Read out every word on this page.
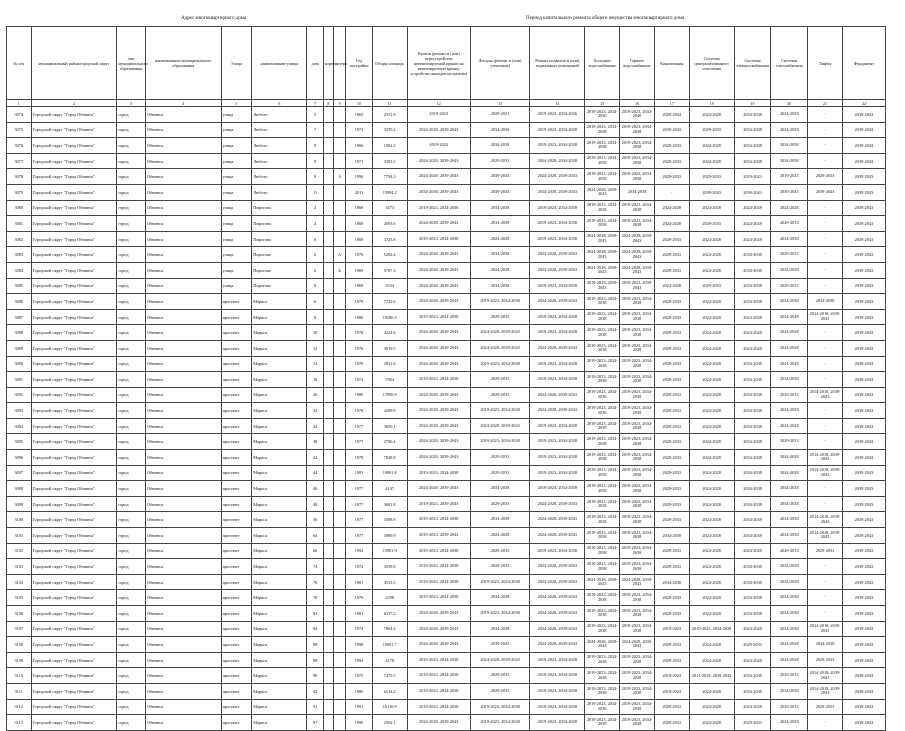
Адрес многоквартирного дома	Период капитального ремонта общего имущества многоквартирного дома
№ п/п	муниципальный район/городской округ	тип муниципального образования	наименование муниципального образования	Улица	наименование улицы	дом	корпус	литера	Год постройки	Общая площадь	Кровля (ремонт и (или) переустройство невентилируемой крыши на вентилируемую крышу, устройство выходов на кровлю)	Фасады (ремонт и (или) утепление)	Ремонт подвалов и (или) подвальных помещений	Холодное водоснабжение	Горячее водоснабжение	Канализация	Системы централизованного отопления	Системы электроснабжения	Системы газоснабжения	Лифты	Фундамент
1	2	3	4	5	6	7	8	9	10	11	12	13	14	15	16	17	18	19	20	21	22
3074	Городской округ "Город Обнинск"	город	Обнинск	улица	Любого	5			1965	2551.8	2019-2023	2029-2031	2019-2023, 2034-2036	2019-2023, 2034-2036	2019-2023, 2044-2046	2029-2034	2024-2028	2034-2038	2034-2038	-	2039-2043
3075	Городской округ "Город Обнинск"	город	Обнинск	улица	Любого	7			1972	3370.2	2024-2028, 2039-2043	2034-2038	2019-2023, 2034-2038	2019-2023, 2034-2038	2019-2023, 2034-2038	2039-2043	2029-2033	2034-2038	2034-2038	-	2039-2043
3076	Городской округ "Город Обнинск"	город	Обнинск	улица	Любого	9			1966	1982.2	2019-2023	2034-2038	2019-2023, 2034-2038	2019-2023, 2034-2038	2019-2023, 2034-2038	2029-2033	2024-2028	2034-2038	2034-2038	-	2039-2043
3077	Городской округ "Город Обнинск"	город	Обнинск	улица	Любого	9			1971	3393.5	2024-2028, 2039-2043	2029-2033	2024-2028, 2034-2038	2019-2023, 2034-2038	2019-2023, 2034-2038	2029-2033	2024-2028	2034-2038	2034-2038	-	2039-2043
3078	Городской округ "Город Обнинск"	город	Обнинск	улица	Любого	9		А	1996	7794.3	2024-2028, 2039-2043	2039-2043	2024-2028, 2039-2043	2019-2023, 2034-2038	2019-2023, 2034-2038	2029-2033	2029-2033	2019-2023	2019-2023	2029-2033	2039-2043
3079	Городской округ "Город Обнинск"	город	Обнинск	улица	Любого	11			2011	15994.2	2034-2038, 2039-2043	2039-2043	2034-2038, 2039-2043	2024-2028, 2039-2043	2034-2038	-	2039-2043	2039-2043	2039-2043	2039-2043	2039-2043
3080	Городской округ "Город Обнинск"	город	Обнинск	улица	Пирогова	2			1968	3473	2019-2023, 2034-2038	2034-2038	2019-2023, 2034-2038	2019-2023, 2034-2038	2019-2023, 2034-2038	2024-2028	2024-2028	2024-2028	2024-2028	-	2039-2043
3081	Городской округ "Город Обнинск"	город	Обнинск	улица	Пирогова	4			1968	2693.6	2024-2028, 2039-2043	2034-2038	2019-2023, 2034-2038	2019-2023, 2034-2038	2019-2023, 2034-2038	2024-2028	2029-2033	2024-2028	2029-2033	-	2039-2043
3082	Городской округ "Город Обнинск"	город	Обнинск	улица	Пирогова	6			1968	3723.8	2019-2023, 2034-2038	2024-2028	2019-2023, 2034-2038	2024-2028, 2039-2043	2024-2028, 2039-2043	2029-2033	2024-2028	2024-2028	2034-2038	-	2039-2043
3083	Городской округ "Город Обнинск"	город	Обнинск	улица	Пирогова	6		А	1970	5282.2	2024-2028, 2039-2043	2034-2038	2024-2028, 2039-2043	2024-2028, 2039-2043	2024-2028, 2039-2043	2029-2033	2024-2028	2034-2038	2029-2033	-	2039-2043
3084	Городской округ "Город Обнинск"	город	Обнинск	улица	Пирогова	6		Б	1969	5787.3	2024-2028, 2039-2043	2024-2028	2024-2028, 2039-2043	2024-2028, 2039-2043	2024-2028, 2039-2043	2029-2033	2024-2028	2034-2038	2034-2038	-	2039-2043
3085	Городской округ "Город Обнинск"	город	Обнинск	улица	Пирогова	8			1969	3534	2024-2028, 2039-2043	2034-2038	2019-2023, 2034-2038	2019-2023, 2039-2043	2019-2023, 2039-2043	2024-2028	2029-2033	2034-2038	2029-2033	-	2039-2043
3086	Городской округ "Город Обнинск"	город	Обнинск	проспект	Маркса	6			1979	7722.6	2024-2028, 2039-2043	2019-2023, 2034-2038	2024-2028, 2039-2043	2019-2023, 2034-2038	2019-2023, 2034-2038	2029-2033	2024-2028	2034-2038	2034-2038	2034-2038	2039-2043
3087	Городской округ "Город Обнинск"	город	Обнинск	проспект	Маркса	8			1986	10586.5	2019-2023, 2034-2038	2029-2033	2019-2023, 2034-2038	2019-2023, 2034-2038	2019-2023, 2034-2038	2029-2033	2024-2028	2024-2028	2024-2028	2014-2018, 2039-2043	2039-2043
3088	Городской округ "Город Обнинск"	город	Обнинск	проспект	Маркса	10			1978	4224.6	2024-2028, 2039-2043	2024-2028, 2039-2043	2019-2023, 2034-2038	2019-2023, 2034-2038	2019-2023, 2034-2038	2029-2033	2024-2028	2024-2028	2034-2038	-	2039-2043
3089	Городской округ "Город Обнинск"	город	Обнинск	проспект	Маркса	12			1976	3619.5	2024-2028, 2039-2043	2024-2028, 2039-2043	2024-2028, 2039-2043	2019-2023, 2034-2038	2019-2023, 2034-2038	2029-2033	2024-2028	2024-2028	2034-2038	-	2039-2043
3090	Городской округ "Город Обнинск"	город	Обнинск	проспект	Маркса	14			1970	2831.6	2024-2028, 2039-2043	2019-2023, 2034-2038	2019-2023, 2034-2038	2019-2023, 2034-2038	2019-2023, 2034-2038	2029-2033	2024-2028	2034-2038	2024-2028	-	2039-2043
3091	Городской округ "Город Обнинск"	город	Обнинск	проспект	Маркса	18			1974	7964	2019-2023, 2034-2038	2029-2033	2019-2023, 2034-2038	2019-2023, 2034-2038	2019-2023, 2034-2038	2029-2033	2024-2028	2034-2038	2034-2038	-	2039-2043
3092	Городской округ "Город Обнинск"	город	Обнинск	проспект	Маркса	26			1986	17090.9	2024-2028, 2039-2043	2029-2033	2024-2028, 2039-2043	2019-2023, 2034-2038	2019-2023, 2034-2038	2029-2033	2024-2028	2034-2038	2029-2033	2014-2018, 2039-2043	2039-2043
3093	Городской округ "Город Обнинск"	город	Обнинск	проспект	Маркса	32			1978	4289.9	2024-2028, 2039-2043	2019-2023, 2034-2038	2024-2028, 2039-2043	2019-2023, 2034-2038	2019-2023, 2034-2038	2029-2033	2024-2028	2034-2038	2034-2038	-	2039-2043
3094	Городской округ "Город Обнинск"	город	Обнинск	проспект	Маркса	34			1977	3650.1	2024-2028, 2039-2043	2024-2028, 2039-2043	2019-2023, 2034-2038	2019-2023, 2034-2038	2019-2023, 2034-2038	2029-2033	2024-2028	2034-2038	2024-2028	-	2039-2043
3095	Городской округ "Город Обнинск"	город	Обнинск	проспект	Маркса	38			1977	2790.4	2024-2028, 2039-2043	2019-2023, 2034-2038	2019-2023, 2034-2038	2019-2023, 2034-2038	2019-2023, 2034-2038	2029-2033	2024-2028	2034-2038	2029-2033	-	2039-2043
3096	Городской округ "Город Обнинск"	город	Обнинск	проспект	Маркса	42			1978	7828.8	2024-2028, 2039-2043	2029-2033	2019-2023, 2034-2038	2019-2023, 2034-2038	2019-2023, 2034-2038	2029-2033	2024-2028	2034-2038	2024-2028	2014-2018, 2039-2043	2039-2043
3097	Городской округ "Город Обнинск"	город	Обнинск	проспект	Маркса	44			1983	10801.8	2019-2023, 2034-2038	2029-2033	2019-2023, 2034-2038	2019-2023, 2034-2038	2019-2023, 2034-2038	2029-2033	2024-2028	2034-2038	2024-2028	2014-2018, 2039-2043	2039-2043
3098	Городской округ "Город Обнинск"	город	Обнинск	проспект	Маркса	46			1977	4147	2024-2028, 2039-2043	2034-2038	2019-2023, 2034-2038	2019-2023, 2034-2038	2019-2023, 2034-2038	2029-2033	2024-2028	2034-2038	2034-2038	-	2039-2043
3099	Городской округ "Город Обнинск"	город	Обнинск	проспект	Маркса	48			1977	3681.8	2019-2023, 2039-2043	2029-2033	2024-2028, 2039-2043	2019-2023, 2034-2038	2019-2023, 2034-2038	2029-2033	2024-2028	2034-2038	2034-2038	-	2039-2043
3100	Городской округ "Город Обнинск"	город	Обнинск	проспект	Маркса	56			1977	3388.9	2019-2023, 2034-2038	2034-2038	2024-2028, 2039-2043	2019-2023, 2034-2038	2019-2023, 2034-2038	2029-2033	2024-2028	2034-2038	2034-2038	2014-2018, 2039-2043	2039-2043
3101	Городской округ "Город Обнинск"	город	Обнинск	проспект	Маркса	64			1977	3889.9	2019-2023, 2039-2043	2024-2028	2024-2028, 2039-2043	2019-2023, 2034-2038	2019-2023, 2034-2038	2034-2038	2024-2028	2034-2038	2034-2038	2014-2018, 2039-2043	2039-2043
3102	Городской округ "Город Обнинск"	город	Обнинск	проспект	Маркса	66			1994	15901.9	2019-2023, 2034-2038	2029-2033	2019-2023, 2034-2038	2019-2023, 2034-2038	2019-2023, 2034-2038	2029-2033	2024-2028	2024-2028	2029-2033	2029-2033	2039-2043
3103	Городской округ "Город Обнинск"	город	Обнинск	проспект	Маркса	74			1972	3558.8	2019-2023, 2034-2038	2029-2033	2024-2028, 2039-2043	2019-2023, 2034-2038	2019-2023, 2034-2038	2029-2033	2024-2028	2034-2038	2034-2038	-	2039-2043
3104	Городской округ "Город Обнинск"	город	Обнинск	проспект	Маркса	76			1981	4533.3	2019-2023, 2034-2038	2019-2023, 2034-2038	2024-2028, 2039-2043	2024-2028, 2039-2043	2024-2028, 2039-2043	2034-2038	2024-2028	2034-2038	2034-2038	-	2039-2043
3105	Городской округ "Город Обнинск"	город	Обнинск	проспект	Маркса	78			1976	2398	2019-2023, 2034-2038	2034-2038	2024-2028, 2039-2043	2019-2023, 2034-2038	2019-2023, 2034-2038	2029-2033	2024-2028	2034-2038	2034-2038	-	2039-2043
3106	Городской округ "Город Обнинск"	город	Обнинск	проспект	Маркса	82			1981	6337.2	2024-2028, 2039-2043	2019-2023, 2034-2038	2024-2028, 2039-2043	2019-2023, 2034-2038	2019-2023, 2034-2038	2029-2033	2024-2028	2034-2038	2034-2038	-	2039-2043
3107	Городской округ "Город Обнинск"	город	Обнинск	проспект	Маркса	84			1974	7864.4	2024-2028, 2039-2043	2034-2038	2024-2028, 2039-2043	2019-2023, 2034-2038	2019-2023, 2034-2038	2019-2023	2019-2023, 2034-2038	2024-2028	2034-2038	2014-2018, 2039-2043	2039-2043
3108	Городской округ "Город Обнинск"	город	Обнинск	проспект	Маркса	88			1998	10901.7	2024-2028, 2039-2043	2039-2043	2024-2028, 2039-2043	2024-2028, 2039-2043	2024-2028, 2039-2043	2029-2033	2024-2028	2029-2033	2034-2038	2034-2038	2039-2043
3109	Городской округ "Город Обнинск"	город	Обнинск	проспект	Маркса	88			1994	4178	2019-2023, 2034-2038	2024-2028, 2039-2043	2019-2023, 2034-2038	2019-2023, 2034-2038	2019-2023, 2034-2038	2029-2033	2024-2028	2024-2028	2034-2038	2029-2033	2039-2043
3110	Городской округ "Город Обнинск"	город	Обнинск	проспект	Маркса	90			1975	7475.5	2019-2023, 2034-2038	2029-2033	2019-2023, 2034-2038	2019-2023, 2034-2038	2019-2023, 2034-2038	2019-2023	2014-2018, 2039-2043	2034-2038	2029-2033	2014-2018, 2039-2043	2039-2043
3111	Городской округ "Город Обнинск"	город	Обнинск	проспект	Маркса	92			1980	6124.2	2019-2023, 2034-2038	2029-2033	2019-2023, 2034-2038	2019-2023, 2034-2038	2019-2023, 2034-2038	2019-2023	2024-2028	2034-2038	2034-2038	2014-2018, 2039-2043	2039-2043
3112	Городской округ "Город Обнинск"	город	Обнинск	проспект	Маркса	93			1991	16110.9	2019-2023, 2034-2038	2019-2023, 2034-2038	2019-2023, 2034-2038	2019-2023, 2034-2038	2019-2023, 2034-2038	2029-2033	2024-2028	2024-2028	2029-2033	2029-2033	2039-2043
3113	Городской округ "Город Обнинск"	город	Обнинск	проспект	Маркса	97			1990	2502.1	2024-2028, 2039-2043	2019-2023, 2034-2038	2019-2023, 2034-2038	2019-2023, 2034-2038	2019-2023, 2034-2038	2029-2033	2024-2028	2029-2033	2034-2038	-	2039-2043
